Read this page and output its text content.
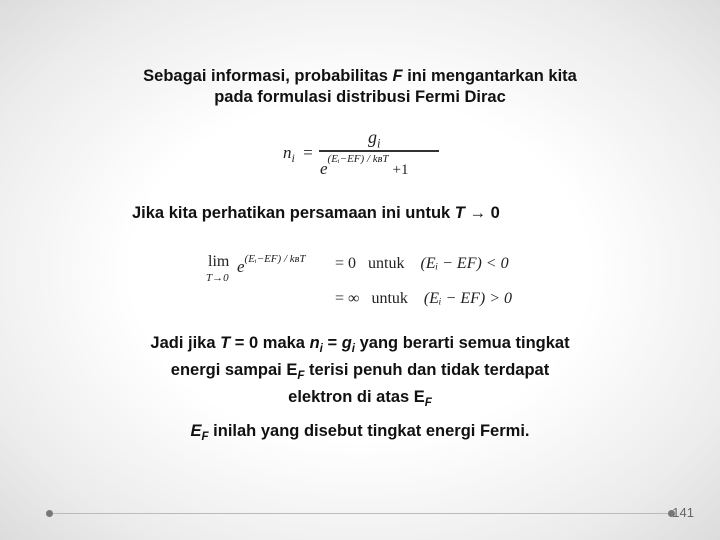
Sebagai informasi, probabilitas F ini mengantarkan kita
pada formulasi distribusi Fermi Dirac
$n_i$ =
$g_i$
e(Eᵢ−EF) / kʙT+1
Jika kita perhatikan persamaan ini untuk T → 0
lim
T→0
$e^{(Eᵢ-EF) / kʙT} = 0$ untuk (Eᵢ − EF) < 0
= ∞ untuk (Eᵢ − EF) > 0
Jadi jika T = 0 maka $n_i = g_i$ yang berarti semua tingkat
energi sampai $E_F$ terisi penuh dan tidak terdapat
elektron di atas $E_F$
$E_F$ inilah yang disebut tingkat energi Fermi.
141
